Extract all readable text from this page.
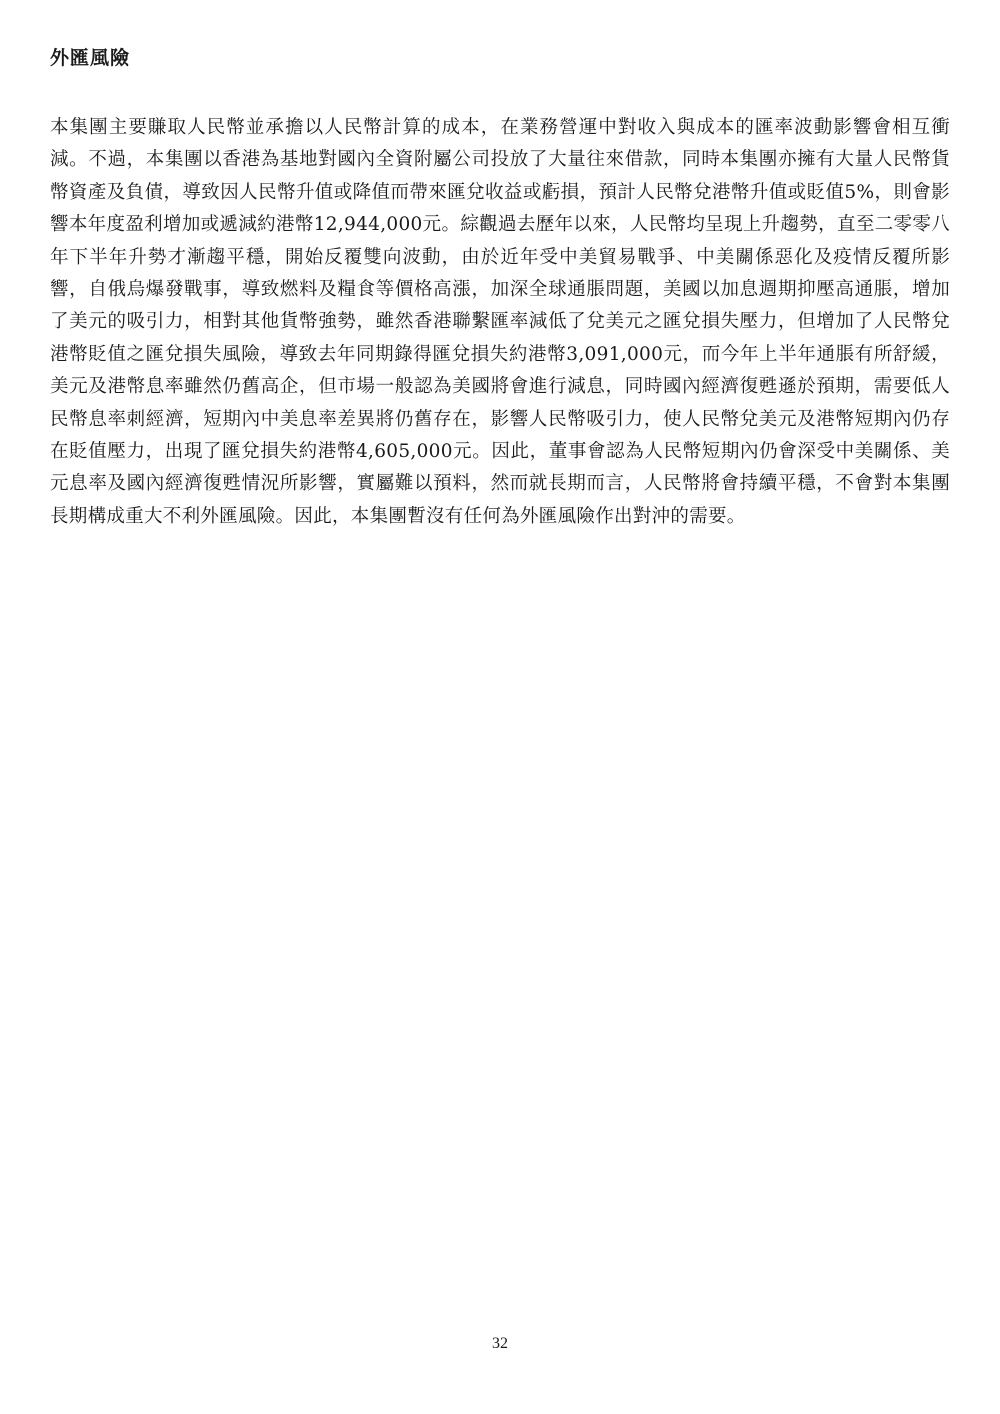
外匯風險

本集團主要賺取人民幣並承擔以人民幣計算的成本，在業務營運中對收入與成本的匯率波動影響會相互衝減。不過，本集團以香港為基地對國內全資附屬公司投放了大量往來借款，同時本集團亦擁有大量人民幣貨幣資產及負債，導致因人民幣升值或降值而帶來匯兌收益或虧損，預計人民幣兌港幣升值或貶值5%，則會影響本年度盈利增加或遞減約港幣12,944,000元。綜觀過去歷年以來，人民幣均呈現上升趨勢，直至二零零八年下半年升勢才漸趨平穩，開始反覆雙向波動，由於近年受中美貿易戰爭、中美關係惡化及疫情反覆所影響，自俄烏爆發戰事，導致燃料及糧食等價格高漲，加深全球通脹問題，美國以加息週期抑壓高通脹，增加了美元的吸引力，相對其他貨幣強勢，雖然香港聯繫匯率減低了兌美元之匯兌損失壓力，但增加了人民幣兌港幣貶值之匯兌損失風險，導致去年同期錄得匯兌損失約港幣3,091,000元，而今年上半年通脹有所舒緩，美元及港幣息率雖然仍舊高企，但市場一般認為美國將會進行減息，同時國內經濟復甦遜於預期，需要低人民幣息率刺經濟，短期內中美息率差異將仍舊存在，影響人民幣吸引力，使人民幣兌美元及港幣短期內仍存在貶值壓力，出現了匯兌損失約港幣4,605,000元。因此，董事會認為人民幣短期內仍會深受中美關係、美元息率及國內經濟復甦情況所影響，實屬難以預料，然而就長期而言，人民幣將會持續平穩，不會對本集團長期構成重大不利外匯風險。因此，本集團暫沒有任何為外匯風險作出對沖的需要。

32
